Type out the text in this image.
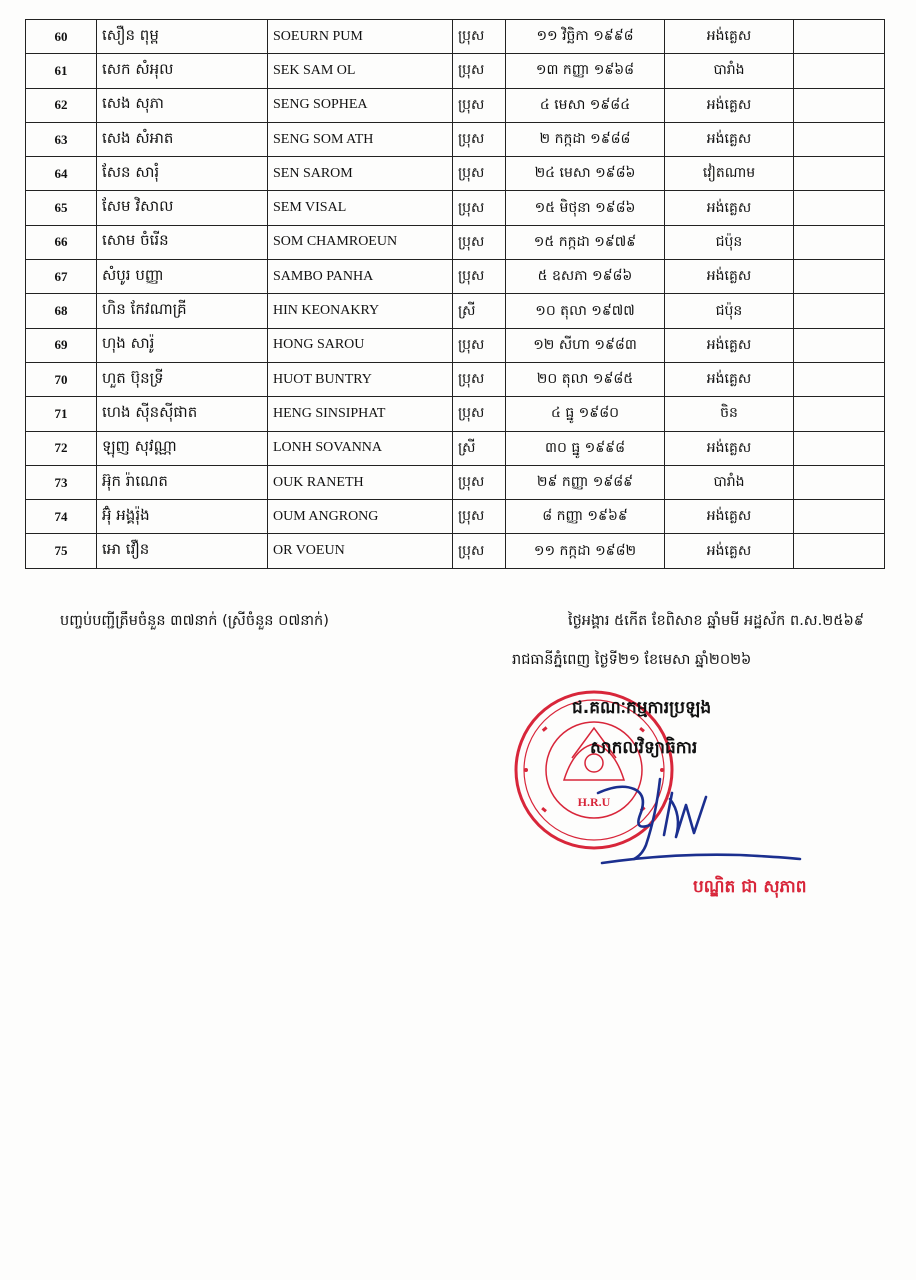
60	សឿន ពុម្ព	SOEURN PUM	ប្រុស	១១ វិច្ឆិកា ១៩៩៨	អង់គ្លេស	
61	សេក សំអុល	SEK SAM OL	ប្រុស	១៣ កញ្ញា ១៩៦៨	បារាំង	
62	សេង សុភា	SENG SOPHEA	ប្រុស	៤ មេសា ១៩៨៤	អង់គ្លេស	
63	សេង សំអាត	SENG SOM ATH	ប្រុស	២ កក្កដា ១៩៨៨	អង់គ្លេស	
64	សែន សារុំ	SEN SAROM	ប្រុស	២៤ មេសា ១៩៨៦	វៀតណាម	
65	សែម វិសាល	SEM VISAL	ប្រុស	១៥ មិថុនា ១៩៨៦	អង់គ្លេស	
66	សោម ចំរើន	SOM CHAMROEUN	ប្រុស	១៥ កក្កដា ១៩៧៩	ជប៉ុន	
67	សំបូរ បញ្ញា	SAMBO PANHA	ប្រុស	៥ ឧសភា ១៩៨៦	អង់គ្លេស	
68	ហិន កែវណាគ្រី	HIN KEONAKRY	ស្រី	១០ តុលា ១៩៧៧	ជប៉ុន	
69	ហុង សារ៉ូ	HONG SAROU	ប្រុស	១២ សីហា ១៩៨៣	អង់គ្លេស	
70	ហួត ប៊ុនទ្រី	HUOT BUNTRY	ប្រុស	២០ តុលា ១៩៨៥	អង់គ្លេស	
71	ហេង ស៊ីនស៊ីផាត	HENG SINSIPHAT	ប្រុស	៤ ធ្នូ ១៩៨០	ចិន	
72	ឡុញ សុវណ្ណា	LONH SOVANNA	ស្រី	៣០ ធ្នូ ១៩៩៨	អង់គ្លេស	
73	អ៊ុក រ៉ាណេត	OUK RANETH	ប្រុស	២៩ កញ្ញា ១៩៨៩	បារាំង	
74	អ៊ុំ អង្គរ៉ុង	OUM ANGRONG	ប្រុស	៨ កញ្ញា ១៩៦៩	អង់គ្លេស	
75	អោ វឿន	OR VOEUN	ប្រុស	១១ កក្កដា ១៩៨២	អង់គ្លេស	
បញ្ចប់បញ្ជីត្រឹមចំនួន ៣៧នាក់ (ស្រីចំនួន ០៧នាក់)	ថ្ងៃអង្គារ ៥កើត ខែពិសាខ ឆ្នាំមមី អដ្ឋស័ក ព.ស.២៥៦៩
រាជធានីភ្នំពេញ ថ្ងៃទី២១ ខែមេសា ឆ្នាំ២០២៦
H.R.U
ជ.គណៈកម្មការប្រឡង
សាកលវិទ្យាធិការ
បណ្ឌិត ជា សុភាព
